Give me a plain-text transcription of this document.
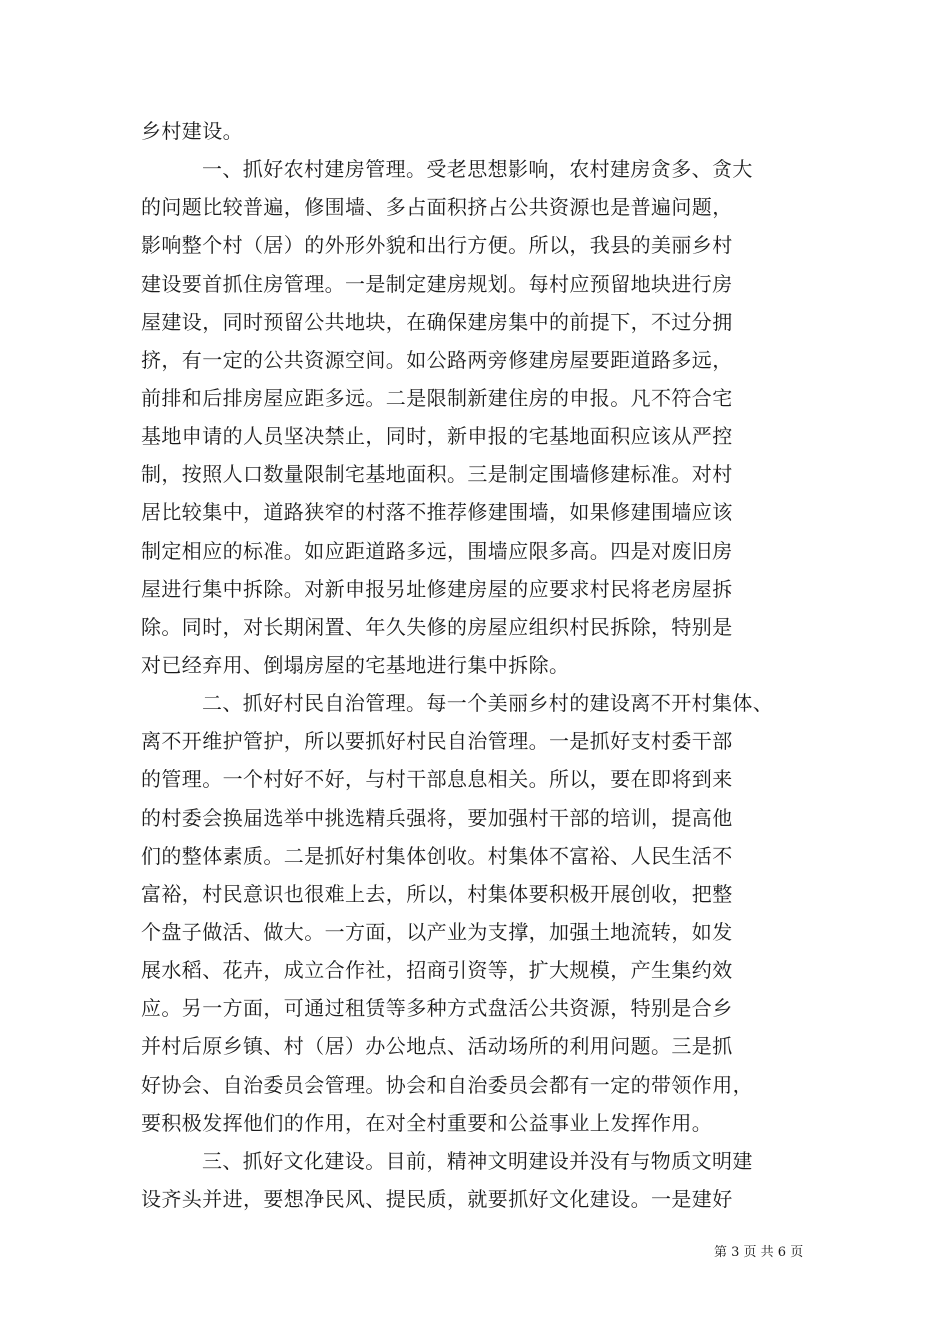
乡村建设。
一、抓好农村建房管理。受老思想影响，农村建房贪多、贪大
的问题比较普遍，修围墙、多占面积挤占公共资源也是普遍问题，
影响整个村（居）的外形外貌和出行方便。所以，我县的美丽乡村
建设要首抓住房管理。一是制定建房规划。每村应预留地块进行房
屋建设，同时预留公共地块，在确保建房集中的前提下，不过分拥
挤，有一定的公共资源空间。如公路两旁修建房屋要距道路多远，
前排和后排房屋应距多远。二是限制新建住房的申报。凡不符合宅
基地申请的人员坚决禁止，同时，新申报的宅基地面积应该从严控
制，按照人口数量限制宅基地面积。三是制定围墙修建标准。对村
居比较集中，道路狭窄的村落不推荐修建围墙，如果修建围墙应该
制定相应的标准。如应距道路多远，围墙应限多高。四是对废旧房
屋进行集中拆除。对新申报另址修建房屋的应要求村民将老房屋拆
除。同时，对长期闲置、年久失修的房屋应组织村民拆除，特别是
对已经弃用、倒塌房屋的宅基地进行集中拆除。
二、抓好村民自治管理。每一个美丽乡村的建设离不开村集体、
离不开维护管护，所以要抓好村民自治管理。一是抓好支村委干部
的管理。一个村好不好，与村干部息息相关。所以，要在即将到来
的村委会换届选举中挑选精兵强将，要加强村干部的培训，提高他
们的整体素质。二是抓好村集体创收。村集体不富裕、人民生活不
富裕，村民意识也很难上去，所以，村集体要积极开展创收，把整
个盘子做活、做大。一方面，以产业为支撑，加强土地流转，如发
展水稻、花卉，成立合作社，招商引资等，扩大规模，产生集约效
应。另一方面，可通过租赁等多种方式盘活公共资源，特别是合乡
并村后原乡镇、村（居）办公地点、活动场所的利用问题。三是抓
好协会、自治委员会管理。协会和自治委员会都有一定的带领作用，
要积极发挥他们的作用，在对全村重要和公益事业上发挥作用。
三、抓好文化建设。目前，精神文明建设并没有与物质文明建
设齐头并进，要想净民风、提民质，就要抓好文化建设。一是建好
第 3 页 共 6 页
